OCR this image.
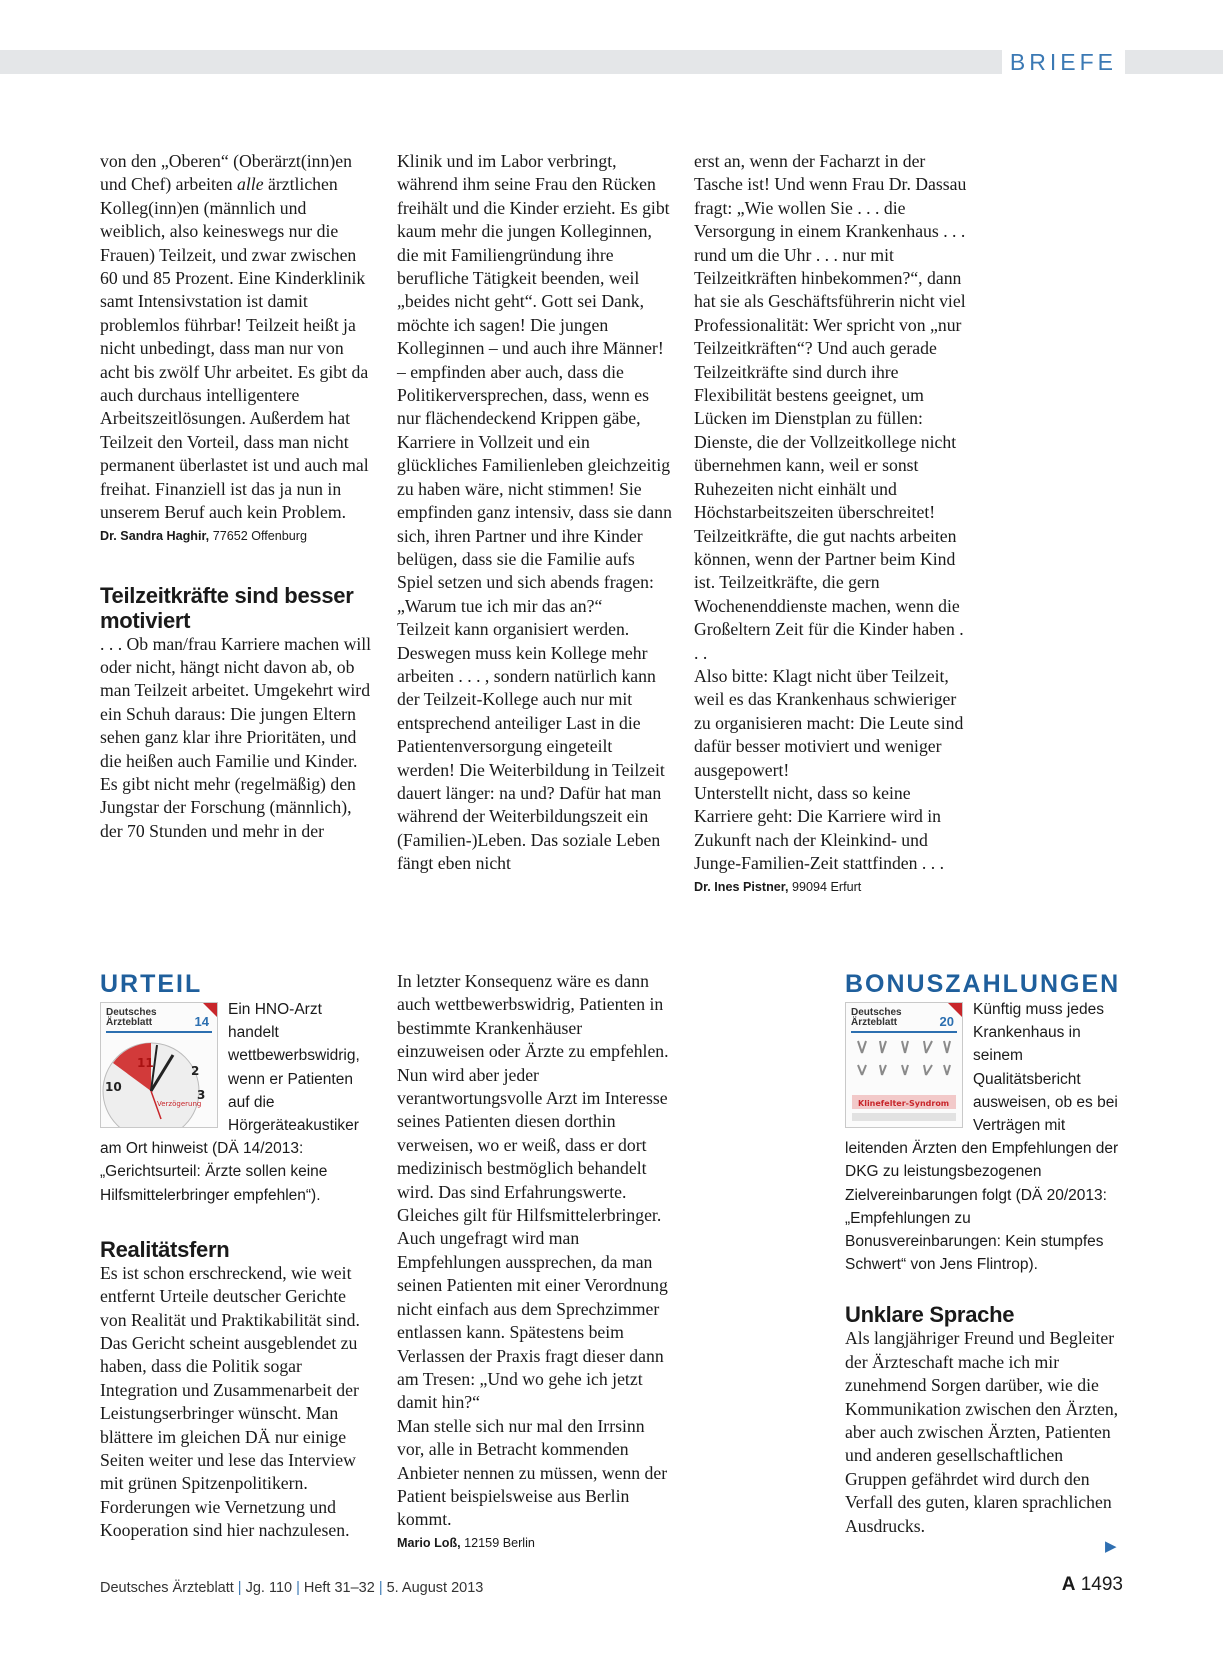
BRIEFE

von den „Oberen“ (Oberärzt(inn)en und Chef) arbeiten alle ärztlichen Kolleg(inn)en (männlich und weiblich, also keineswegs nur die Frauen) Teilzeit, und zwar zwischen 60 und 85 Prozent. Eine Kinderklinik samt Intensivstation ist damit problemlos führbar! Teilzeit heißt ja nicht unbedingt, dass man nur von acht bis zwölf Uhr arbeitet. Es gibt da auch durchaus intelligentere Arbeitszeitlösungen. Außerdem hat Teilzeit den Vorteil, dass man nicht permanent überlastet ist und auch mal freihat. Finanziell ist das ja nun in unserem Beruf auch kein Problem.

Dr. Sandra Haghir, 77652 Offenburg

Teilzeitkräfte sind besser motiviert

. . . Ob man/frau Karriere machen will oder nicht, hängt nicht davon ab, ob man Teilzeit arbeitet. Umgekehrt wird ein Schuh daraus: Die jungen Eltern sehen ganz klar ihre Prioritäten, und die heißen auch Familie und Kinder.

Es gibt nicht mehr (regelmäßig) den Jungstar der Forschung (männlich), der 70 Stunden und mehr in der

Klinik und im Labor verbringt, während ihm seine Frau den Rücken freihält und die Kinder erzieht. Es gibt kaum mehr die jungen Kolleginnen, die mit Familiengründung ihre berufliche Tätigkeit beenden, weil „beides nicht geht“. Gott sei Dank, möchte ich sagen! Die jungen Kolleginnen – und auch ihre Männer! – empfinden aber auch, dass die Politikerversprechen, dass, wenn es nur flächendeckend Krippen gäbe, Karriere in Vollzeit und ein glückliches Familienleben gleichzeitig zu haben wäre, nicht stimmen! Sie empfinden ganz intensiv, dass sie dann sich, ihren Partner und ihre Kinder belügen, dass sie die Familie aufs Spiel setzen und sich abends fragen: „Warum tue ich mir das an?“

Teilzeit kann organisiert werden. Deswegen muss kein Kollege mehr arbeiten . . . , sondern natürlich kann der Teilzeit-Kollege auch nur mit entsprechend anteiliger Last in die Patientenversorgung eingeteilt werden! Die Weiterbildung in Teilzeit dauert länger: na und? Dafür hat man während der Weiterbildungszeit ein (Familien-)Leben. Das soziale Leben fängt eben nicht

erst an, wenn der Facharzt in der Tasche ist! Und wenn Frau Dr. Dassau fragt: „Wie wollen Sie . . . die Versorgung in einem Krankenhaus . . . rund um die Uhr . . . nur mit Teilzeitkräften hinbekommen?“, dann hat sie als Geschäftsführerin nicht viel Professionalität: Wer spricht von „nur Teilzeitkräften“? Und auch gerade Teilzeitkräfte sind durch ihre Flexibilität bestens geeignet, um Lücken im Dienstplan zu füllen: Dienste, die der Vollzeitkollege nicht übernehmen kann, weil er sonst Ruhezeiten nicht einhält und Höchstarbeitszeiten überschreitet! Teilzeitkräfte, die gut nachts arbeiten können, wenn der Partner beim Kind ist. Teilzeitkräfte, die gern Wochenenddienste machen, wenn die Großeltern Zeit für die Kinder haben . . .

Also bitte: Klagt nicht über Teilzeit, weil es das Krankenhaus schwieriger zu organisieren macht: Die Leute sind dafür besser motiviert und weniger ausgepowert!

Unterstellt nicht, dass so keine Karriere geht: Die Karriere wird in Zukunft nach der Kleinkind- und Junge-Familien-Zeit stattfinden . . .

Dr. Ines Pistner, 99094 Erfurt

URTEIL
Deutsches Ärzteblatt	14
11
2
10
3
Verzögerung

Ein HNO-Arzt handelt wettbewerbswidrig, wenn er Patienten auf die Hörgeräteakustiker am Ort hinweist (DÄ 14/2013: „Gerichtsurteil: Ärzte sollen keine Hilfsmittelerbringer empfehlen“).

Realitätsfern

Es ist schon erschreckend, wie weit entfernt Urteile deutscher Gerichte von Realität und Praktikabilität sind. Das Gericht scheint ausgeblendet zu haben, dass die Politik sogar Integration und Zusammenarbeit der Leistungserbringer wünscht. Man blättere im gleichen DÄ nur einige Seiten weiter und lese das Interview mit grünen Spitzenpolitikern. Forderungen wie Vernetzung und Kooperation sind hier nachzulesen.

In letzter Konsequenz wäre es dann auch wettbewerbswidrig, Patienten in bestimmte Krankenhäuser einzuweisen oder Ärzte zu empfehlen. Nun wird aber jeder verantwortungsvolle Arzt im Interesse seines Patienten diesen dorthin verweisen, wo er weiß, dass er dort medizinisch bestmöglich behandelt wird. Das sind Erfahrungswerte. Gleiches gilt für Hilfsmittelerbringer.

Auch ungefragt wird man Empfehlungen aussprechen, da man seinen Patienten mit einer Verordnung nicht einfach aus dem Sprechzimmer entlassen kann. Spätestens beim Verlassen der Praxis fragt dieser dann am Tresen: „Und wo gehe ich jetzt damit hin?“

Man stelle sich nur mal den Irrsinn vor, alle in Betracht kommenden Anbieter nennen zu müssen, wenn der Patient beispielsweise aus Berlin kommt.

Mario Loß, 12159 Berlin

BONUSZAHLUNGEN
Deutsches Ärzteblatt	20
Klinefelter-Syndrom

Künftig muss jedes Krankenhaus in seinem Qualitätsbericht ausweisen, ob es bei Verträgen mit leitenden Ärzten den Empfehlungen der DKG zu leistungsbezogenen Zielvereinbarungen folgt (DÄ 20/2013: „Empfehlungen zu Bonusvereinbarungen: Kein stumpfes Schwert“ von Jens Flintrop).

Unklare Sprache

Als langjähriger Freund und Begleiter der Ärzteschaft mache ich mir zunehmend Sorgen darüber, wie die Kommunikation zwischen den Ärzten, aber auch zwischen Ärzten, Patienten und anderen gesellschaftlichen Gruppen gefährdet wird durch den Verfall des guten, klaren sprachlichen Ausdrucks.

▶
Deutsches Ärzteblatt | Jg. 110 | Heft 31–32 | 5. August 2013	A 1493
